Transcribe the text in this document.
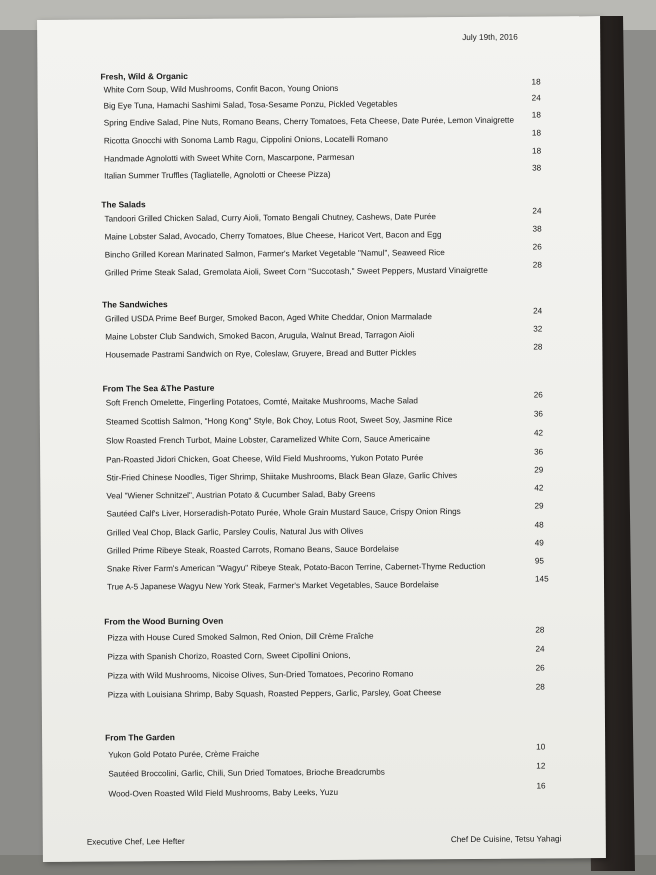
July 19th, 2016
Fresh, Wild & Organic
White Corn Soup, Wild Mushrooms, Confit Bacon, Young Onions
18
Big Eye Tuna, Hamachi Sashimi Salad, Tosa-Sesame Ponzu, Pickled Vegetables
24
Spring Endive Salad, Pine Nuts, Romano Beans, Cherry Tomatoes, Feta Cheese, Date Purée, Lemon Vinaigrette
18
Ricotta Gnocchi with Sonoma Lamb Ragu, Cippolini Onions, Locatelli Romano
18
Handmade Agnolotti with Sweet White Corn, Mascarpone, Parmesan
18
Italian Summer Truffles (Tagliatelle, Agnolotti or Cheese Pizza)
38
The Salads
Tandoori Grilled Chicken Salad, Curry Aioli, Tomato Bengali Chutney, Cashews, Date Purée
24
Maine Lobster Salad, Avocado, Cherry Tomatoes, Blue Cheese, Haricot Vert, Bacon and Egg
38
Bincho Grilled Korean Marinated Salmon, Farmer's Market Vegetable "Namul", Seaweed Rice
26
Grilled Prime Steak Salad, Gremolata Aioli, Sweet Corn "Succotash," Sweet Peppers, Mustard Vinaigrette
28
The Sandwiches
Grilled USDA Prime Beef Burger, Smoked Bacon, Aged White Cheddar, Onion Marmalade
24
Maine Lobster Club Sandwich, Smoked Bacon, Arugula, Walnut Bread, Tarragon Aioli
32
Housemade Pastrami Sandwich on Rye, Coleslaw, Gruyere, Bread and Butter Pickles
28
From The Sea &The Pasture
Soft French Omelette, Fingerling Potatoes, Comté, Maitake Mushrooms, Mache Salad
26
Steamed Scottish Salmon, "Hong Kong" Style, Bok Choy, Lotus Root, Sweet Soy, Jasmine Rice
36
Slow Roasted French Turbot, Maine Lobster, Caramelized White Corn, Sauce Americaine
42
Pan-Roasted Jidori Chicken, Goat Cheese, Wild Field Mushrooms, Yukon Potato Purée
36
Stir-Fried Chinese Noodles, Tiger Shrimp, Shiitake Mushrooms, Black Bean Glaze, Garlic Chives
29
Veal "Wiener Schnitzel", Austrian Potato & Cucumber Salad, Baby Greens
42
Sautéed Calf's Liver, Horseradish-Potato Purée, Whole Grain Mustard Sauce, Crispy Onion Rings
29
Grilled Veal Chop, Black Garlic, Parsley Coulis, Natural Jus with Olives
48
Grilled Prime Ribeye Steak, Roasted Carrots, Romano Beans, Sauce Bordelaise
49
Snake River Farm's American "Wagyu" Ribeye Steak, Potato-Bacon Terrine, Cabernet-Thyme Reduction
95
True A-5 Japanese Wagyu New York Steak, Farmer's Market Vegetables, Sauce Bordelaise
145
From the Wood Burning Oven
Pizza with House Cured Smoked Salmon, Red Onion, Dill Crème Fraîche
28
Pizza with Spanish Chorizo, Roasted Corn, Sweet Cipollini Onions,
24
Pizza with Wild Mushrooms, Nicoise Olives, Sun-Dried Tomatoes, Pecorino Romano
26
Pizza with Louisiana Shrimp, Baby Squash, Roasted Peppers, Garlic, Parsley, Goat Cheese
28
From The Garden
Yukon Gold Potato Purée, Crème Fraiche
10
Sautéed Broccolini, Garlic, Chili, Sun Dried Tomatoes, Brioche Breadcrumbs
12
Wood-Oven Roasted Wild Field Mushrooms, Baby Leeks, Yuzu
16
Executive Chef, Lee Hefter	Chef De Cuisine, Tetsu Yahagi
